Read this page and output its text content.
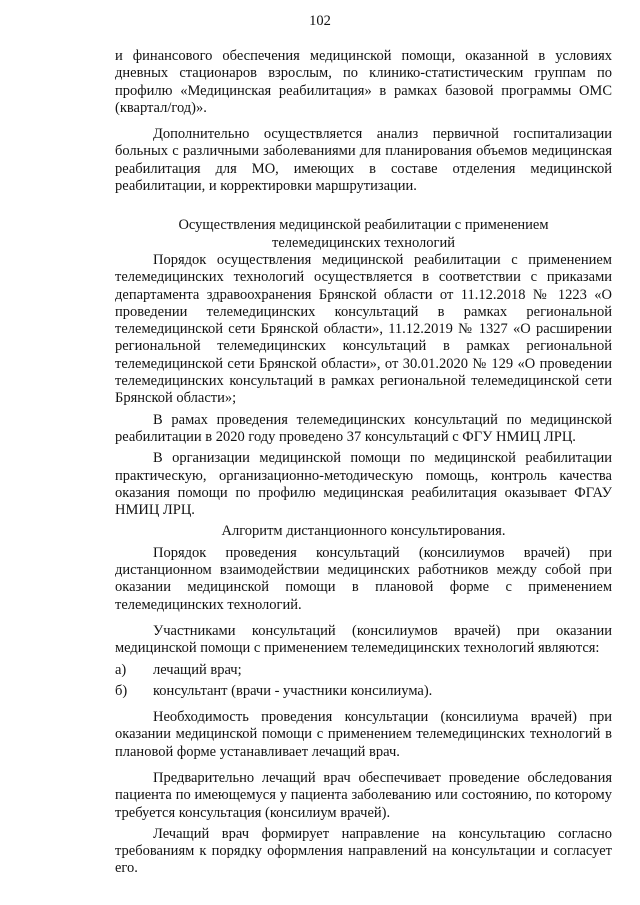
102

и финансового обеспечения медицинской помощи, оказанной в условиях дневных стационаров взрослым, по клинико-статистическим группам по профилю «Медицинская реабилитация» в рамках базовой программы ОМС (квартал/год)».

Дополнительно осуществляется анализ первичной госпитализации больных с различными заболеваниями для планирования объемов медицинская реабилитация для МО, имеющих в составе отделения медицинской реабилитации, и корректировки маршрутизации.

Осуществления медицинской реабилитации с применением телемедицинских технологий

Порядок осуществления медицинской реабилитации с применением телемедицинских технологий осуществляется в соответствии с приказами департамента здравоохранения Брянской области от 11.12.2018 № 1223 «О проведении телемедицинских консультаций в рамках региональной телемедицинской сети Брянской области», 11.12.2019 № 1327 «О расширении региональной телемедицинских консультаций в рамках региональной телемедицинской сети Брянской области», от 30.01.2020 № 129 «О проведении телемедицинских консультаций в рамках региональной телемедицинской сети Брянской области»;

В рамах проведения телемедицинских консультаций по медицинской реабилитации в 2020 году проведено 37 консультаций с ФГУ НМИЦ ЛРЦ.

В организации медицинской помощи по медицинской реабилитации практическую, организационно-методическую помощь, контроль качества оказания помощи по профилю медицинская реабилитация оказывает ФГАУ НМИЦ ЛРЦ.

Алгоритм дистанционного консультирования.

Порядок проведения консультаций (консилиумов врачей) при дистанционном взаимодействии медицинских работников между собой при оказании медицинской помощи в плановой форме с применением телемедицинских технологий.

Участниками консультаций (консилиумов врачей) при оказании медицинской помощи с применением телемедицинских технологий являются:

а)	лечащий врач;

б)	консультант (врачи - участники консилиума).

Необходимость проведения консультации (консилиума врачей) при оказании медицинской помощи с применением телемедицинских технологий в плановой форме устанавливает лечащий врач.

Предварительно лечащий врач обеспечивает проведение обследования пациента по имеющемуся у пациента заболеванию или состоянию, по которому требуется консультация (консилиум врачей).

Лечащий врач формирует направление на консультацию согласно требованиям к порядку оформления направлений на консультации и согласует его.
